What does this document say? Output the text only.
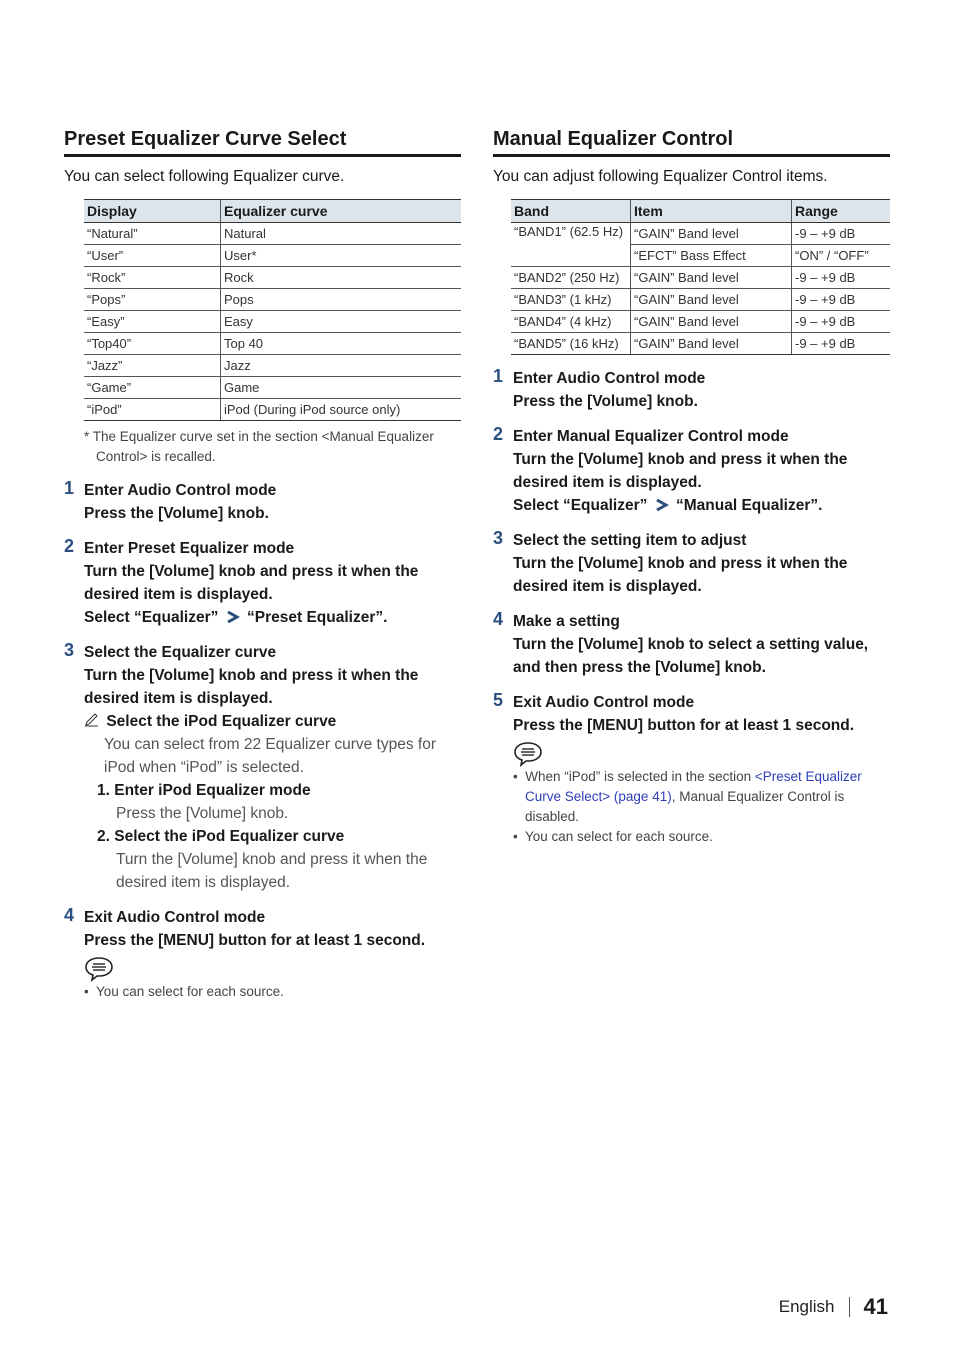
Preset Equalizer Curve Select

You can select following Equalizer curve.

Display	Equalizer curve
“Natural”	Natural
“User”	User*
“Rock”	Rock
“Pops”	Pops
“Easy”	Easy
“Top40”	Top 40
“Jazz”	Jazz
“Game”	Game
“iPod”	iPod (During iPod source only)
* The Equalizer curve set in the section <Manual Equalizer Control> is recalled.
1 Enter Audio Control mode
Press the [Volume] knob.
2 Enter Preset Equalizer mode
Turn the [Volume] knob and press it when the desired item is displayed.
Select “Equalizer” “Preset Equalizer”.
3 Select the Equalizer curve
Turn the [Volume] knob and press it when the desired item is displayed.
Select the iPod Equalizer curve
You can select from 22 Equalizer curve types for iPod when “iPod” is selected.
1. Enter iPod Equalizer mode
Press the [Volume] knob.
2. Select the iPod Equalizer curve
Turn the [Volume] knob and press it when the desired item is displayed.
4 Exit Audio Control mode
Press the [MENU] button for at least 1 second.
•  You can select for each source.
Manual Equalizer Control

You can adjust following Equalizer Control items.

Band	Item	Range
“BAND1” (62.5 Hz)	“GAIN” Band level	-9 – +9 dB
	“EFCT” Bass Effect	“ON” / “OFF”
“BAND2” (250 Hz)	“GAIN” Band level	-9 – +9 dB
“BAND3” (1 kHz)	“GAIN” Band level	-9 – +9 dB
“BAND4” (4 kHz)	“GAIN” Band level	-9 – +9 dB
“BAND5” (16 kHz)	“GAIN” Band level	-9 – +9 dB
1 Enter Audio Control mode
Press the [Volume] knob.
2 Enter Manual Equalizer Control mode
Turn the [Volume] knob and press it when the desired item is displayed.
Select “Equalizer” “Manual Equalizer”.
3 Select the setting item to adjust
Turn the [Volume] knob and press it when the desired item is displayed.
4 Make a setting
Turn the [Volume] knob to select a setting value, and then press the [Volume] knob.
5 Exit Audio Control mode
Press the [MENU] button for at least 1 second.
•  When “iPod” is selected in the section <Preset Equalizer Curve Select> (page 41), Manual Equalizer Control is disabled.
•  You can select for each source.
English 41
